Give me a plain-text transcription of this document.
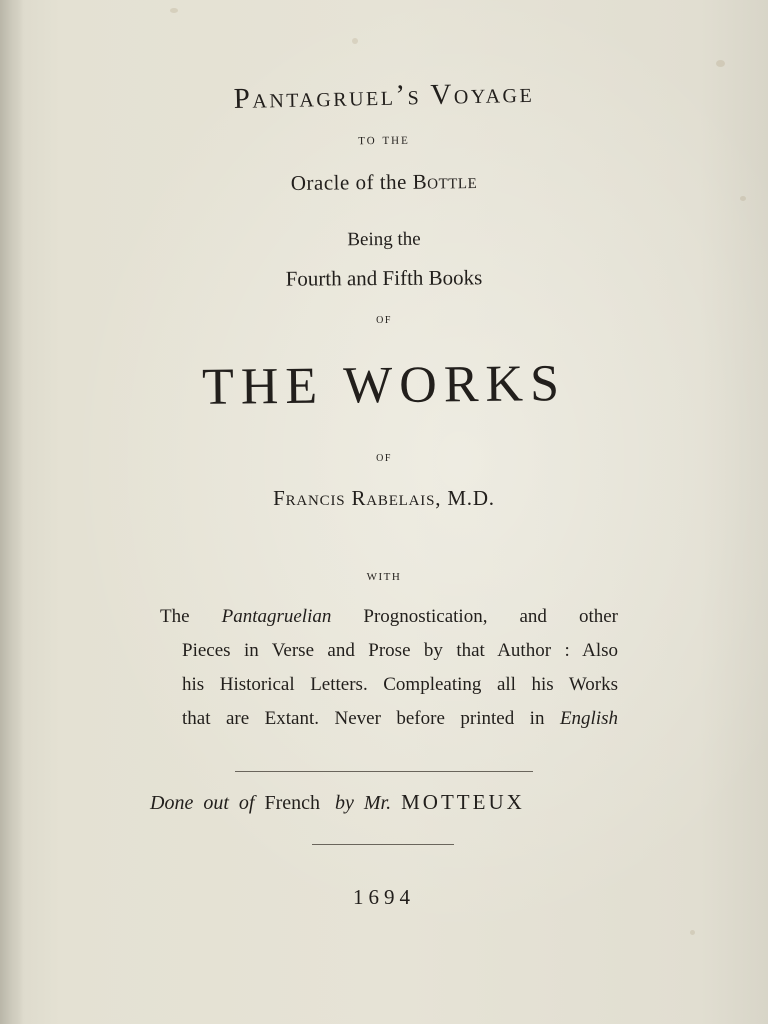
Pantagruel’s Voyage
to the
Oracle of the Bottle
Being the
Fourth and Fifth Books
of
THE WORKS
of
Francis Rabelais, M.D.
with
The Pantagruelian Prognostication, and other
Pieces in Verse and Prose by that Author : Also
his Historical Letters. Compleating all his Works
that are Extant. Never before printed in English
Done out of French by Mr. MOTTEUX
1694
